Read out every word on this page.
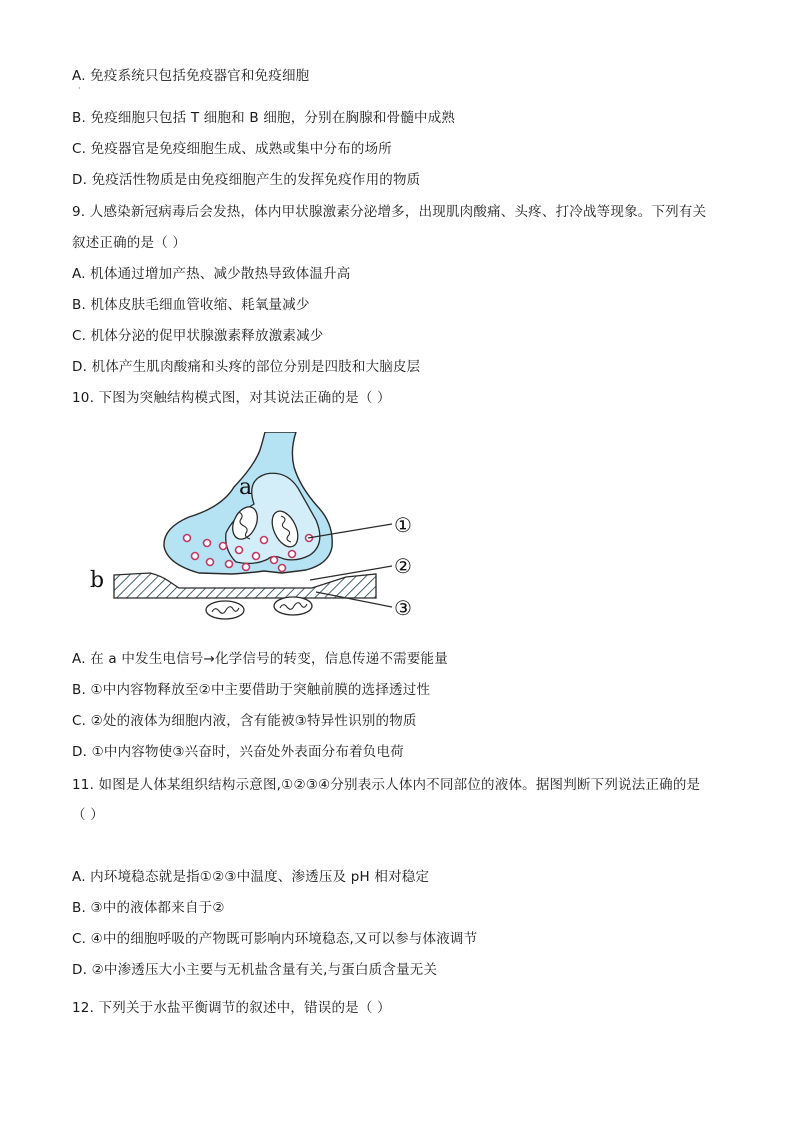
A. 免疫系统只包括免疫器官和免疫细胞
·
B. 免疫细胞只包括 T 细胞和 B 细胞，分别在胸腺和骨髓中成熟
C. 免疫器官是免疫细胞生成、成熟或集中分布的场所
D. 免疫活性物质是由免疫细胞产生的发挥免疫作用的物质
9. 人感染新冠病毒后会发热，体内甲状腺激素分泌增多，出现肌肉酸痛、头疼、打冷战等现象。下列有关
叙述正确的是（ ）
A. 机体通过增加产热、减少散热导致体温升高
B. 机体皮肤毛细血管收缩、耗氧量减少
C. 机体分泌的促甲状腺激素释放激素减少
D. 机体产生肌肉酸痛和头疼的部位分别是四肢和大脑皮层
10. 下图为突触结构模式图，对其说法正确的是（ ）
a
b
①
②
③
A. 在 a 中发生电信号→化学信号的转变，信息传递不需要能量
B. ①中内容物释放至②中主要借助于突触前膜的选择透过性
C. ②处的液体为细胞内液，含有能被③特异性识别的物质
D. ①中内容物使③兴奋时，兴奋处外表面分布着负电荷
11. 如图是人体某组织结构示意图,①②③④分别表示人体内不同部位的液体。据图判断下列说法正确的是
（ ）
A. 内环境稳态就是指①②③中温度、渗透压及 pH 相对稳定
B. ③中的液体都来自于②
C. ④中的细胞呼吸的产物既可影响内环境稳态,又可以参与体液调节
D. ②中渗透压大小主要与无机盐含量有关,与蛋白质含量无关
12. 下列关于水盐平衡调节的叙述中，错误的是（ ）
